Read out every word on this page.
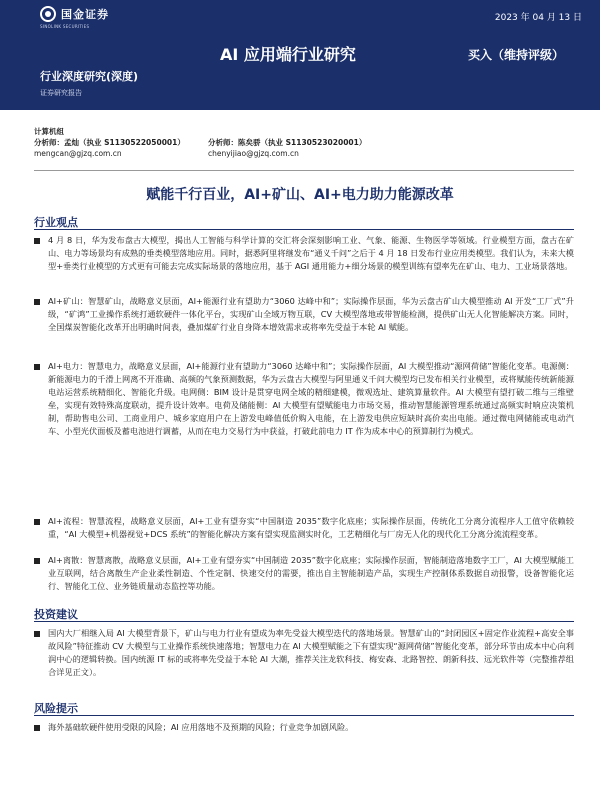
国金证券
SINOLINK SECURITIES
2023 年 04 月 13 日
AI 应用端行业研究	买入（维持评级）
行业深度研究(深度)
证券研究报告
计算机组
分析师：孟灿（执业 S1130522050001）
mengcan@gjzq.com.cn
分析师：陈矣骄（执业 S1130523020001）
chenyijiao@gjzq.com.cn
赋能千行百业，AI+矿山、AI+电力助力能源改革
行业观点
4 月 8 日，华为发布盘古大模型，揭出人工智能与科学计算的交汇将会深刻影响工业、气象、能源、生物医学等领域。行业模型方面，盘古在矿山、电力等场景均有成熟的垂类模型落地应用。同时，据悉阿里将继发布“通义千问”之后于 4 月 18 日发布行业应用类模型。我们认为，未来大模型+垂类行业模型的方式更有可能去完成实际场景的落地应用，基于 AGI 通用能力+细分场景的模型训练有望率先在矿山、电力、工业场景落地。
AI+矿山：智慧矿山，战略意义层面，AI+能源行业有望助力“3060 达峰中和”；实际操作层面，华为云盘古矿山大模型推动 AI 开发“工厂式”升级，“矿鸿”工业操作系统打通软硬件一体化平台，实现矿山全域万物互联，CV 大模型落地或带智能检测，提供矿山无人化智能解决方案。同时，全国煤炭智能化改革开出明确时间表，叠加煤矿行业自身降本增效需求或将率先受益于本轮 AI 赋能。
AI+电力：智慧电力，战略意义层面，AI+能源行业有望助力“3060 达峰中和”；实际操作层面，AI 大模型推动“源网荷储”智能化变革。电源侧：新能源电力的千滑上网离不开准确、高频的气象预测数据，华为云盘古大模型与阿里通义千问大模型均已发布相关行业模型，或将赋能传统新能源电站运营系统精细化、智能化升级。电网侧：BIM 设计是贯穿电网全域的精细建模，微观选址、建筑算量软件。AI 大模型有望打破二维与三维壁垒，实现有效特殊高度联动，提升设计效率。电荷及储能侧：AI 大模型有望赋能电力市场交易，推动智慧能源管理系统通过高频实时响应决策机制，帮助售电公司、工商业用户、城乡家庭用户在上游发电峰值低价购入电能，在上游发电供应短缺时高价卖出电能。通过微电网储能或电动汽车、小型光伏面板及蓄电池进行调蓄，从而在电力交易行为中获益，打破此前电力 IT 作为成本中心的预算制行为模式。
AI+流程：智慧流程，战略意义层面，AI+工业有望夯实“中国制造 2035”数字化底座；实际操作层面，传统化工分离分流程序人工值守依赖较重，“AI 大模型+机器视觉+DCS 系统”的智能化解决方案有望实现监测实时化，工艺精细化与厂房无人化的现代化工分离分流流程变革。
AI+离散：智慧离散，战略意义层面，AI+工业有望夯实“中国制造 2035”数字化底座；实际操作层面，智能制造落地数字工厂，AI 大模型赋能工业互联网，结合离散生产企业柔性制造、个性定制、快速交付的需要，推出自主智能制造产品，实现生产控制体系数据自动报警，设备智能化运行、智能化工位、业务链质量动态监控等功能。
投资建议
国内大厂相继入局 AI 大模型背景下，矿山与电力行业有望成为率先受益大模型迭代的落地场景。智慧矿山的“封闭园区+固定作业流程+高安全事故风险”特征推动 CV 大模型与工业操作系统快速落地；智慧电力在 AI 大模型赋能之下有望实现“源网荷储”智能化变革，部分环节由成本中心向利润中心的逻辑转换。国内统源 IT 标的或将率先受益于本轮 AI 大潮，推荐关注龙软科技、梅安森、北路智控、朗新科技、远光软件等（完整推荐组合详见正文）。
风险提示
海外基础软硬件使用受限的风险；AI 应用落地不及预期的风险；行业竞争加剧风险。
